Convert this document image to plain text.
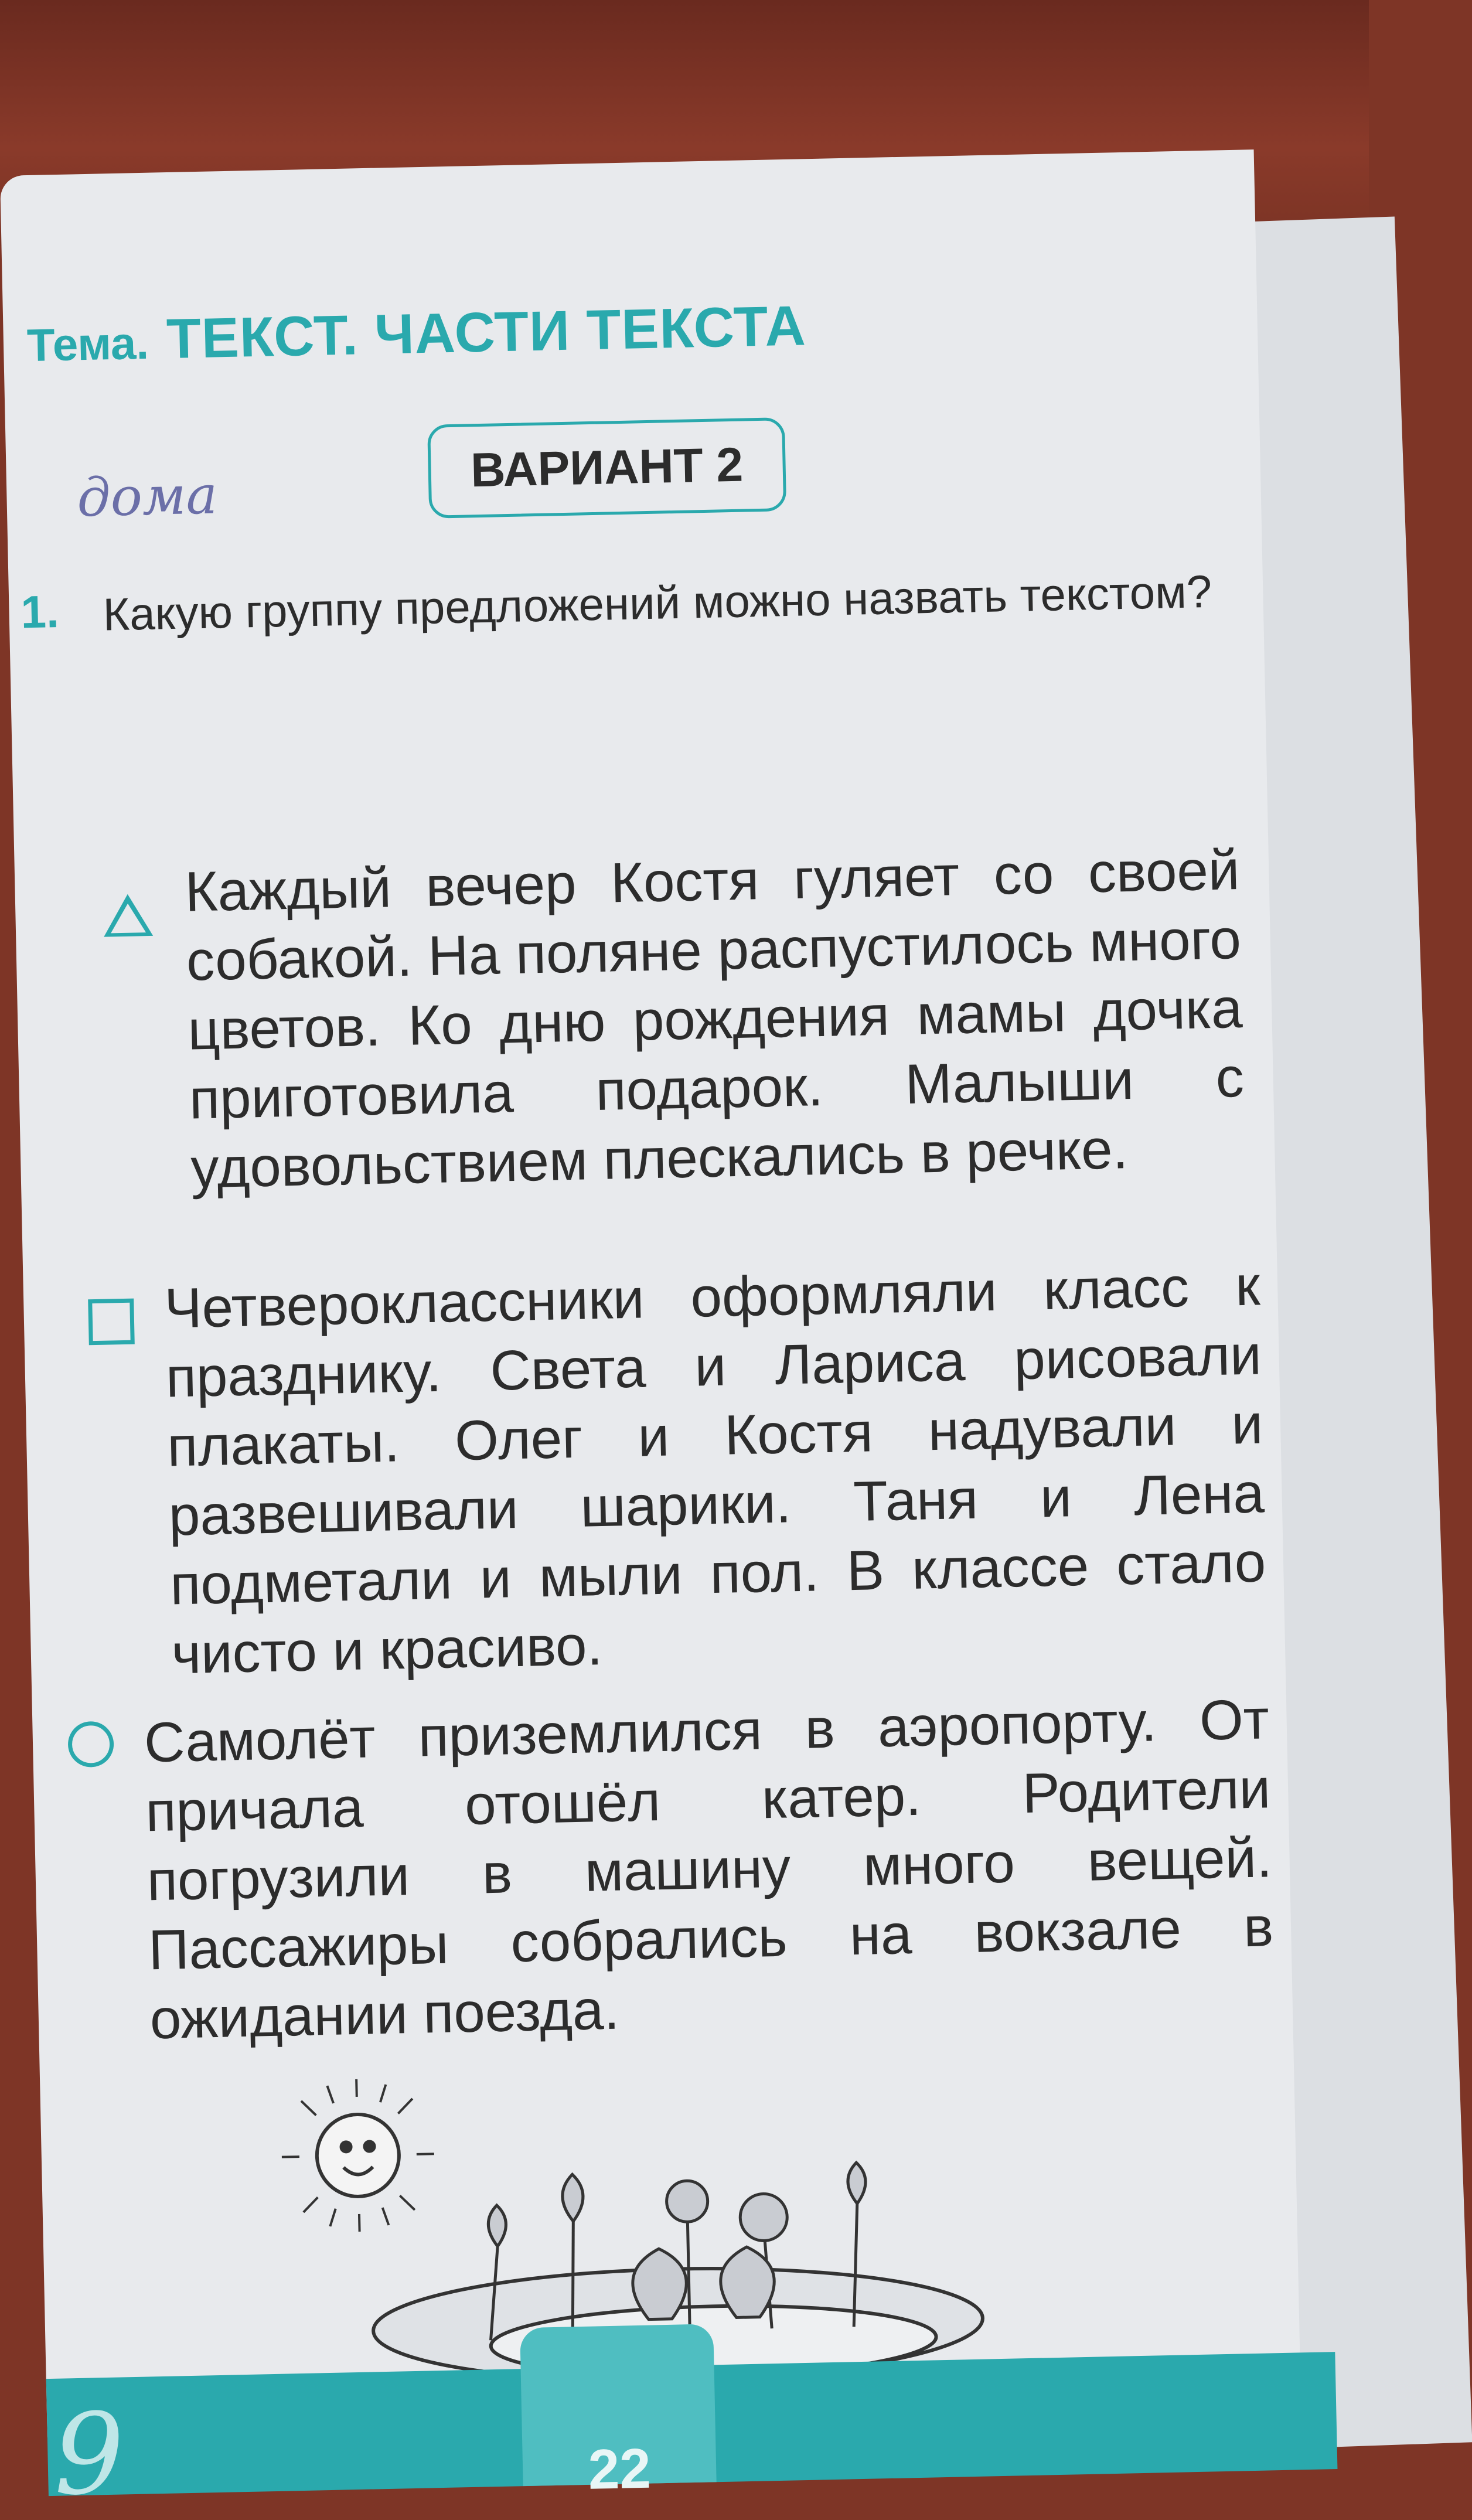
Тема. ТЕКСТ. ЧАСТИ ТЕКСТА
дома	ВАРИАНТ 2
1. Какую группу предложений можно назвать текстом?
Каждый вечер Костя гуляет со своей собакой. На поляне распустилось много цветов. Ко дню рождения мамы дочка приготовила подарок. Малыши с удовольствием плескались в речке.
Четвероклассники оформляли класс к празднику. Света и Лариса рисовали плакаты. Олег и Костя надували и развешивали шарики. Таня и Лена подметали и мыли пол. В классе стало чисто и красиво.
Самолёт приземлился в аэропорту. От причала отошёл катер. Родители погрузили в машину много вещей. Пассажиры собрались на вокзале в ожидании поезда.
9	22
